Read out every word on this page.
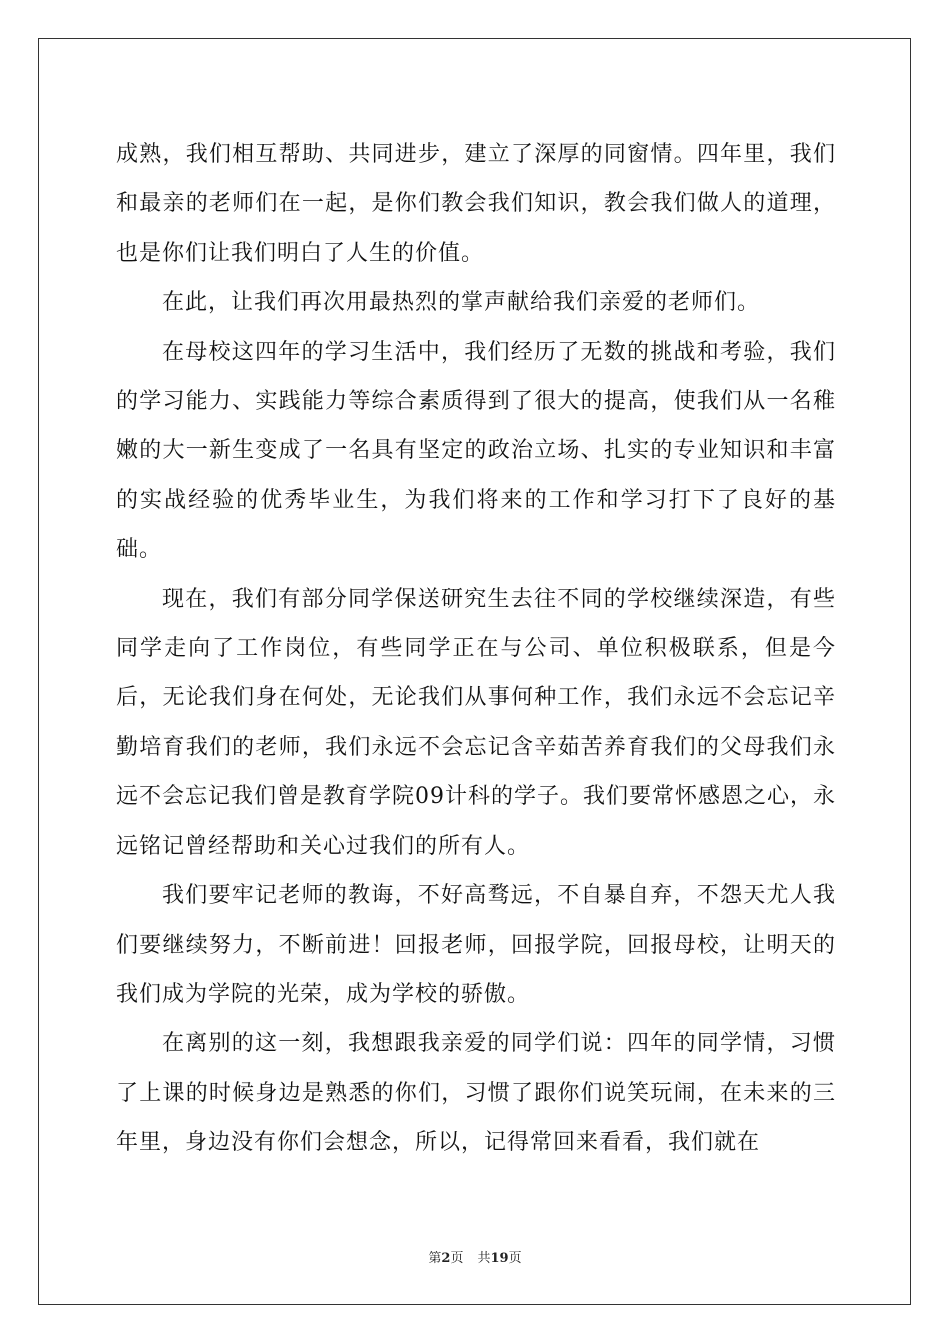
成熟，我们相互帮助、共同进步，建立了深厚的同窗情。四年里，我们和最亲的老师们在一起，是你们教会我们知识，教会我们做人的道理，也是你们让我们明白了人生的价值。

在此，让我们再次用最热烈的掌声献给我们亲爱的老师们。

在母校这四年的学习生活中，我们经历了无数的挑战和考验，我们的学习能力、实践能力等综合素质得到了很大的提高，使我们从一名稚嫩的大一新生变成了一名具有坚定的政治立场、扎实的专业知识和丰富的实战经验的优秀毕业生，为我们将来的工作和学习打下了良好的基础。

现在，我们有部分同学保送研究生去往不同的学校继续深造，有些同学走向了工作岗位，有些同学正在与公司、单位积极联系，但是今后，无论我们身在何处，无论我们从事何种工作，我们永远不会忘记辛勤培育我们的老师，我们永远不会忘记含辛茹苦养育我们的父母我们永远不会忘记我们曾是教育学院09计科的学子。我们要常怀感恩之心，永远铭记曾经帮助和关心过我们的所有人。

我们要牢记老师的教诲，不好高骛远，不自暴自弃，不怨天尤人我们要继续努力，不断前进！回报老师，回报学院，回报母校，让明天的我们成为学院的光荣，成为学校的骄傲。

在离别的这一刻，我想跟我亲爱的同学们说：四年的同学情，习惯了上课的时候身边是熟悉的你们，习惯了跟你们说笑玩闹，在未来的三年里，身边没有你们会想念，所以，记得常回来看看，我们就在

第2页 共19页
